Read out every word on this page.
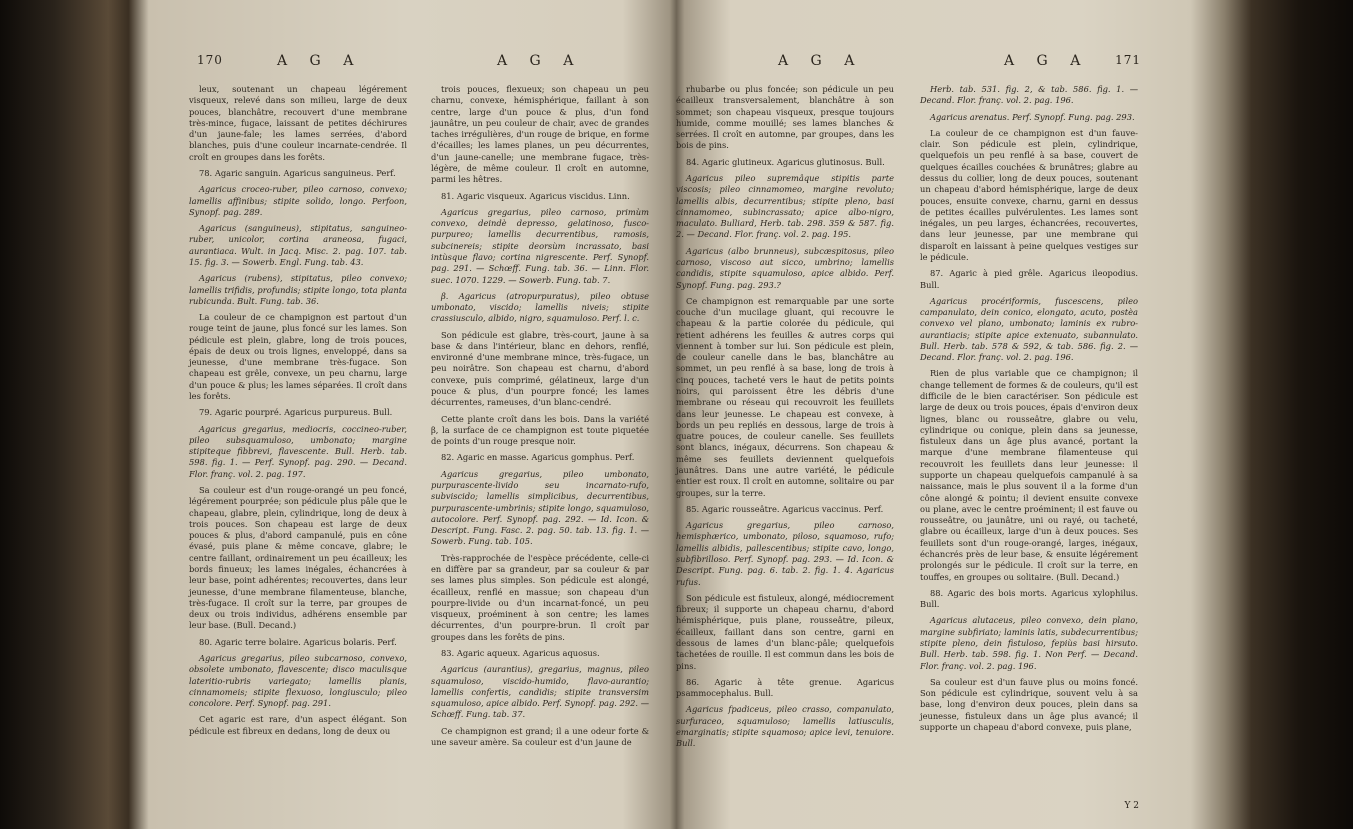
170	A G A	A G A

leux, soutenant un chapeau légérement visqueux, relevé dans son milieu, large de deux pouces, blanchâtre, recouvert d'une membrane très-mince, fugace, laissant de petites déchirures d'un jaune-fale; les lames serrées, d'abord blanches, puis d'une couleur incarnate-cendrée. Il croît en groupes dans les forêts.

78. Agaric sanguin. Agaricus sanguineus. Perf.

Agaricus croceo-ruber, pileo carnoso, convexo; lamellis affinibus; stipite solido, longo. Perfoon, Synopf. pag. 289.

Agaricus (sanguineus), stipitatus, sanguineo-ruber, unicolor, cortina araneosa, fugaci, aurantiaca. Wult. in Jacq. Misc. 2. pag. 107. tab. 15. fig. 3. — Sowerb. Engl. Fung. tab. 43.

Agaricus (rubens), stipitatus, pileo convexo; lamellis trifidis, profundis; stipite longo, tota planta rubicunda. Bult. Fung. tab. 36.

La couleur de ce champignon est partout d'un rouge teint de jaune, plus foncé sur les lames. Son pédicule est plein, glabre, long de trois pouces, épais de deux ou trois lignes, enveloppé, dans sa jeunesse, d'une membrane très-fugace. Son chapeau est grêle, convexe, un peu charnu, large d'un pouce & plus; les lames séparées. Il croît dans les forêts.

79. Agaric pourpré. Agaricus purpureus. Bull.

Agaricus gregarius, mediocris, coccineo-ruber, pileo subsquamuloso, umbonato; margine stipiteque fibbrevi, flavescente. Bull. Herb. tab. 598. fig. 1. — Perf. Synopf. pag. 290. — Decand. Flor. franç. vol. 2. pag. 197.

Sa couleur est d'un rouge-orangé un peu foncé, légérement pourprée; son pédicule plus pâle que le chapeau, glabre, plein, cylindrique, long de deux à trois pouces. Son chapeau est large de deux pouces & plus, d'abord campanulé, puis en cône évasé, puis plane & même concave, glabre; le centre faillant, ordinairement un peu écailleux; les bords finueux; les lames inégales, échancrées à leur base, point adhérentes; recouvertes, dans leur jeunesse, d'une membrane filamenteuse, blanche, très-fugace. Il croît sur la terre, par groupes de deux ou trois individus, adhérens ensemble par leur base. (Bull. Decand.)

80. Agaric terre bolaire. Agaricus bolaris. Perf.

Agaricus gregarius, pileo subcarnoso, convexo, obsolete umbonato, flavescente; disco maculisque lateritio-rubris variegato; lamellis planis, cinnamomeis; stipite flexuoso, longiusculo; pileo concolore. Perf. Synopf. pag. 291.

Cet agaric est rare, d'un aspect élégant. Son pédicule est fibreux en dedans, long de deux ou

trois pouces, flexueux; son chapeau un peu charnu, convexe, hémisphérique, faillant à son centre, large d'un pouce & plus, d'un fond jaunâtre, un peu couleur de chair, avec de grandes taches irrégulières, d'un rouge de brique, en forme d'écailles; les lames planes, un peu décurrentes, d'un jaune-canelle; une membrane fugace, très-légère, de même couleur. Il croît en automne, parmi les hêtres.

81. Agaric visqueux. Agaricus viscidus. Linn.

Agaricus gregarius, pileo carnoso, primùm convexo, deindè depresso, gelatinoso, fusco-purpureo; lamellis decurrentibus, ramosis, subcinereis; stipite deorsùm incrassato, basi intùsque flavo; cortina nigrescente. Perf. Synopf. pag. 291. — Schœff. Fung. tab. 36. — Linn. Flor. suec. 1070. 1229. — Sowerb. Fung. tab. 7.

β. Agaricus (atropurpuratus), pileo obtuse umbonato, viscido; lamellis niveis; stipite crassiusculo, albido, nigro, squamuloso. Perf. l. c.

Son pédicule est glabre, très-court, jaune à sa base & dans l'intérieur, blanc en dehors, renflé, environné d'une membrane mince, très-fugace, un peu noirâtre. Son chapeau est charnu, d'abord convexe, puis comprimé, gélatineux, large d'un pouce & plus, d'un pourpre foncé; les lames décurrentes, rameuses, d'un blanc-cendré.

Cette plante croît dans les bois. Dans la variété β, la surface de ce champignon est toute piquetée de points d'un rouge presque noir.

82. Agaric en masse. Agaricus gomphus. Perf.

Agaricus gregarius, pileo umbonato, purpurascente-livido seu incarnato-rufo, subviscido; lamellis simplicibus, decurrentibus, purpurascente-umbrinis; stipite longo, squamuloso, autocolore. Perf. Synopf. pag. 292. — Id. Icon. & Descript. Fung. Fasc. 2. pag. 50. tab. 13. fig. 1. — Sowerb. Fung. tab. 105.

Très-rapprochée de l'espèce précédente, celle-ci en diffère par sa grandeur, par sa couleur & par ses lames plus simples. Son pédicule est alongé, écailleux, renflé en massue; son chapeau d'un pourpre-livide ou d'un incarnat-foncé, un peu visqueux, proéminent à son centre; les lames décurrentes, d'un pourpre-brun. Il croît par groupes dans les forêts de pins.

83. Agaric aqueux. Agaricus aquosus.

Agaricus (aurantius), gregarius, magnus, pileo squamuloso, viscido-humido, flavo-aurantio; lamellis confertis, candidis; stipite transversim squamuloso, apice albido. Perf. Synopf. pag. 292. — Schœff. Fung. tab. 37.

Ce champignon est grand; il a une odeur forte & une saveur amère. Sa couleur est d'un jaune de

A G A	A G A 171

rhubarbe ou plus foncée; son pédicule un peu écailleux transversalement, blanchâtre à son sommet; son chapeau visqueux, presque toujours humide, comme mouillé; ses lames blanches & serrées. Il croît en automne, par groupes, dans les bois de pins.

84. Agaric glutineux. Agaricus glutinosus. Bull.

Agaricus pileo supremâque stipitis parte viscosis; pileo cinnamomeo, margine revoluto; lamellis albis, decurrentibus; stipite pleno, basi cinnamomeo, subincrassato; apice albo-nigro, maculato. Bulliard, Herb. tab. 298. 359 & 587. fig. 2. — Decand. Flor. franç. vol. 2. pag. 195.

Agaricus (albo brunneus), subcæspitosus, pileo carnoso, viscoso aut sicco, umbrino; lamellis candidis, stipite squamuloso, apice albido. Perf. Synopf. Fung. pag. 293.?

Ce champignon est remarquable par une sorte couche d'un mucilage gluant, qui recouvre le chapeau & la partie colorée du pédicule, qui retient adhérens les feuilles & autres corps qui viennent à tomber sur lui. Son pédicule est plein, de couleur canelle dans le bas, blanchâtre au sommet, un peu renflé à sa base, long de trois à cinq pouces, tacheté vers le haut de petits points noirs, qui paroissent être les débris d'une membrane ou réseau qui recouvroit les feuillets dans leur jeunesse. Le chapeau est convexe, à bords un peu repliés en dessous, large de trois à quatre pouces, de couleur canelle. Ses feuillets sont blancs, inégaux, décurrens. Son chapeau & même ses feuillets deviennent quelquefois jaunâtres. Dans une autre variété, le pédicule entier est roux. Il croît en automne, solitaire ou par groupes, sur la terre.

85. Agaric rousseâtre. Agaricus vaccinus. Perf.

Agaricus gregarius, pileo carnoso, hemisphærico, umbonato, piloso, squamoso, rufo; lamellis albidis, pallescentibus; stipite cavo, longo, subfibrilloso. Perf. Synopf. pag. 293. — Id. Icon. & Descript. Fung. pag. 6. tab. 2. fig. 1. 4. Agaricus rufus.

Son pédicule est fistuleux, alongé, médiocrement fibreux; il supporte un chapeau charnu, d'abord hémisphérique, puis plane, rousseâtre, pileux, écailleux, faillant dans son centre, garni en dessous de lames d'un blanc-pâle; quelquefois tachetées de rouille. Il est commun dans les bois de pins.

86. Agaric à tête grenue. Agaricus psammocephalus. Bull.

Agaricus fpadiceus, pileo crasso, companulato, surfuraceo, squamuloso; lamellis latiusculis, emarginatis; stipite squamoso; apice levi, tenuiore. Bull.

Herb. tab. 531. fig. 2, & tab. 586. fig. 1. — Decand. Flor. franç. vol. 2. pag. 196.

Agaricus arenatus. Perf. Synopf. Fung. pag. 293.

La couleur de ce champignon est d'un fauve-clair. Son pédicule est plein, cylindrique, quelquefois un peu renflé à sa base, couvert de quelques écailles couchées & brunâtres; glabre au dessus du collier, long de deux pouces, soutenant un chapeau d'abord hémisphérique, large de deux pouces, ensuite convexe, charnu, garni en dessus de petites écailles pulvérulentes. Les lames sont inégales, un peu larges, échancrées, recouvertes, dans leur jeunesse, par une membrane qui disparoît en laissant à peine quelques vestiges sur le pédicule.

87. Agaric à pied grêle. Agaricus ileopodius. Bull.

Agaricus procériformis, fuscescens, pileo campanulato, dein conico, elongato, acuto, postèa convexo vel plano, umbonato; laminis ex rubro-aurantiacis; stipite apice extenuato, subannulato. Bull. Herb. tab. 578 & 592, & tab. 586. fig. 2. — Decand. Flor. franç. vol. 2. pag. 196.

Rien de plus variable que ce champignon; il change tellement de formes & de couleurs, qu'il est difficile de le bien caractériser. Son pédicule est large de deux ou trois pouces, épais d'environ deux lignes, blanc ou rousseâtre, glabre ou velu, cylindrique ou conique, plein dans sa jeunesse, fistuleux dans un âge plus avancé, portant la marque d'une membrane filamenteuse qui recouvroit les feuillets dans leur jeunesse: il supporte un chapeau quelquefois campanulé à sa naissance, mais le plus souvent il a la forme d'un cône alongé & pointu; il devient ensuite convexe ou plane, avec le centre proéminent; il est fauve ou rousseâtre, ou jaunâtre, uni ou rayé, ou tacheté, glabre ou écailleux, large d'un à deux pouces. Ses feuillets sont d'un rouge-orangé, larges, inégaux, échancrés près de leur base, & ensuite légérement prolongés sur le pédicule. Il croît sur la terre, en touffes, en groupes ou solitaire. (Bull. Decand.)

88. Agaric des bois morts. Agaricus xylophilus. Bull.

Agaricus alutaceus, pileo convexo, dein plano, margine subfiriato; laminis latis, subdecurrentibus; stipite pleno, dein fistuloso, fepiùs basi hirsuto. Bull. Herb. tab. 598. fig. 1. Non Perf. — Decand. Flor. franç. vol. 2. pag. 196.

Sa couleur est d'un fauve plus ou moins foncé. Son pédicule est cylindrique, souvent velu à sa base, long d'environ deux pouces, plein dans sa jeunesse, fistuleux dans un âge plus avancé; il supporte un chapeau d'abord convexe, puis plane,

Y 2
